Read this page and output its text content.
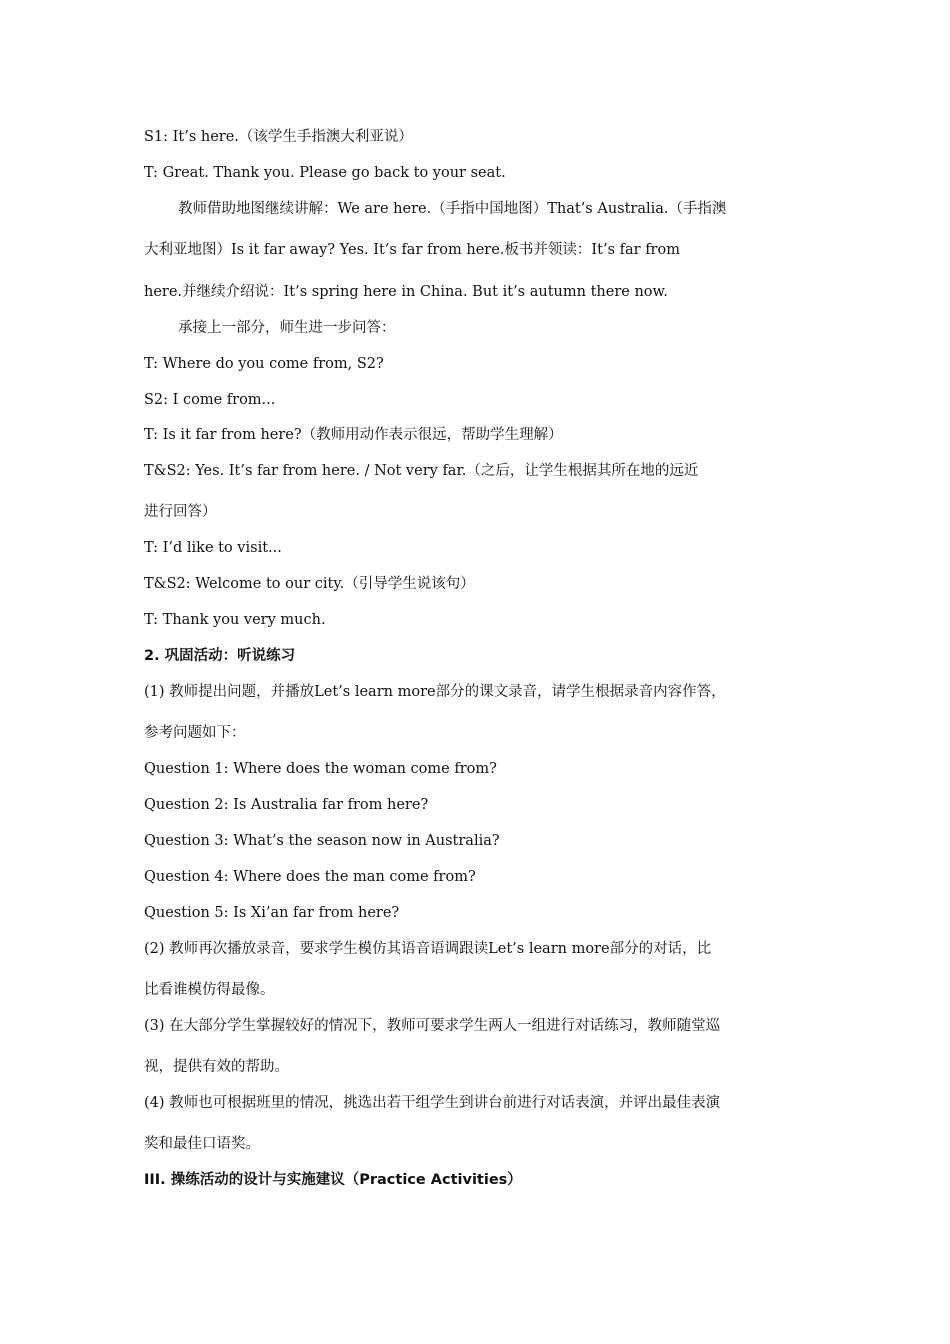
S1: It’s here.（该学生手指澳大利亚说）
T: Great. Thank you. Please go back to your seat.
教师借助地图继续讲解：We are here.（手指中国地图）That’s Australia.（手指澳
大利亚地图）Is it far away? Yes. It’s far from here.板书并领读：It’s far from
here.并继续介绍说：It’s spring here in China. But it’s autumn there now.
承接上一部分，师生进一步问答：
T: Where do you come from, S2?
S2: I come from...
T: Is it far from here?（教师用动作表示很远，帮助学生理解）
T&S2: Yes. It’s far from here. / Not very far.（之后，让学生根据其所在地的远近
进行回答）
T: I’d like to visit...
T&S2: Welcome to our city.（引导学生说该句）
T: Thank you very much.
2. 巩固活动：听说练习
(1) 教师提出问题，并播放Let’s learn more部分的课文录音，请学生根据录音内容作答，
参考问题如下：
Question 1: Where does the woman come from?
Question 2: Is Australia far from here?
Question 3: What’s the season now in Australia?
Question 4: Where does the man come from?
Question 5: Is Xi’an far from here?
(2) 教师再次播放录音，要求学生模仿其语音语调跟读Let’s learn more部分的对话，比
比看谁模仿得最像。
(3) 在大部分学生掌握较好的情况下，教师可要求学生两人一组进行对话练习，教师随堂巡
视，提供有效的帮助。
(4) 教师也可根据班里的情况，挑选出若干组学生到讲台前进行对话表演，并评出最佳表演
奖和最佳口语奖。
III. 操练活动的设计与实施建议（Practice Activities）
